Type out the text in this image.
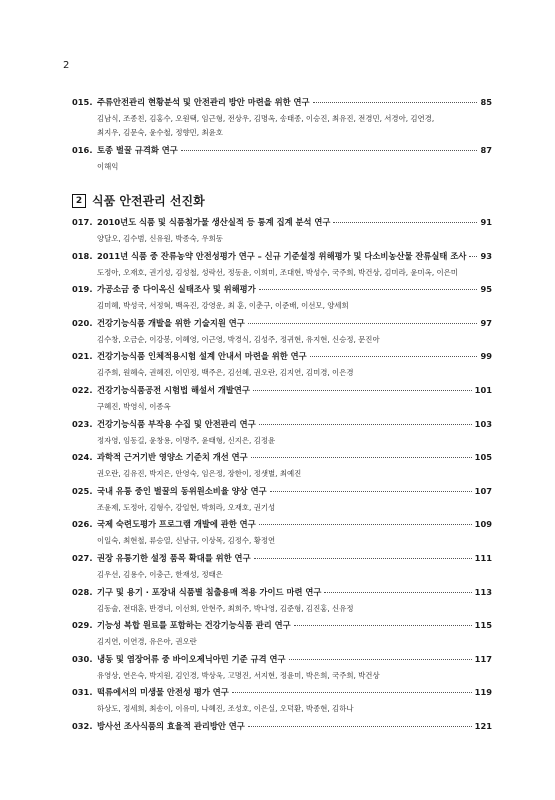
2
015. 주류안전관리 현황분석 및 안전관리 방안 마련을 위한 연구	85
김남식, 조종친, 김홍수, 오원택, 임근형, 전상우, 김명옥, 송태종, 이승진, 최유진, 전경민, 서경아, 김연경,
최지우, 김문숙, 윤수철, 정향민, 최윤호
016. 토종 벌꿀 규격화 연구	87
이해익
2 식품 안전관리 선진화
017. 2010년도 식품 및 식품첨가물 생산실적 등 통계 집계 분석 연구	91
양달오, 김수범, 신유원, 박종숙, 우희동
018. 2011년 식품 중 잔류농약 안전성평가 연구 – 신규 기준설정 위해평가 및 다소비농산물 잔류실태 조사 93
도정아, 오재호, 권기성, 김성철, 성락선, 정동윤, 이희미, 조대현, 박성수, 국주희, 박건상, 김미라, 윤미옥, 이은미
019. 가공소금 중 다이옥신 실태조사 및 위해평가	95
김미혜, 박성국, 서정혁, 백옥진, 강영운, 최 훈, 이춘구, 이준배, 이선모, 양세희
020. 건강기능식품 개발을 위한 기술지원 연구	97
김수창, 오금순, 이강봉, 이혜영, 이근영, 박경식, 김성주, 정귀현, 유지현, 신승정, 문진아
021. 건강기능식품 인체적용시험 설계 안내서 마련을 위한 연구	99
김주희, 원혜숙, 권혜진, 이민정, 백주은, 김선혜, 권오란, 김지연, 김미경, 이은경
022. 건강기능식품공전 시험법 해설서 개발연구	101
구혜진, 박영식, 이종옥
023. 건강기능식품 부작용 수집 및 안전관리 연구	103
정자영, 임동길, 윤창용, 이명주, 윤태형, 신지은, 김정윤
024. 과학적 근거기반 영양소 기준치 개선 연구	105
권오란, 김유진, 박지은, 안영숙, 임은정, 장한이, 정샛별, 최예진
025. 국내 유통 중인 벌꿀의 동위원소비율 양상 연구	107
조윤제, 도정아, 김형수, 강일현, 박희라, 오재호, 권기성
026. 국제 숙련도평가 프로그램 개발에 관한 연구	109
이일숙, 최현철, 류승열, 신남규, 이상목, 김정수, 황정연
027. 권장 유통기한 설정 품목 확대를 위한 연구	111
김우선, 김용수, 이충근, 한재성, 정태은
028. 기구 및 용기 · 포장내 식품별 침출용매 적용 가이드 마련 연구	113
김동술, 전대훈, 반경녀, 이선희, 안현주, 최희주, 박나영, 김준형, 김진홍, 신유정
029. 기능성 복합 원료를 포함하는 건강기능식품 관리 연구	115
김지연, 이연경, 유은아, 권오란
030. 냉동 및 염장어류 중 바이오제닉아민 기준 규격 연구	117
유영상, 연은숙, 박지원, 김인경, 박상욱, 고명진, 서지현, 정윤미, 박은희, 국주희, 박건상
031. 떡류에서의 미생물 안전성 평가 연구	119
하상도, 정세희, 최송이, 이유미, 나혜진, 조성호, 이은실, 오덕환, 박종현, 김하나
032. 방사선 조사식품의 효율적 관리방안 연구	121
